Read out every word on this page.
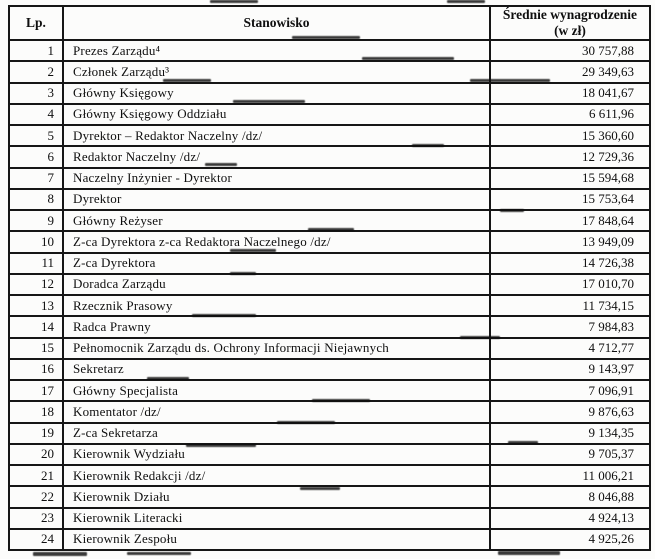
Lp.	Stanowisko	Średnie wynagrodzenie
(w zł)

1	Prezes Zarządu⁴	30 757,88
2	Członek Zarządu³	29 349,63
3	Główny Księgowy	18 041,67
4	Główny Księgowy Oddziału	6 611,96
5	Dyrektor – Redaktor Naczelny /dz/	15 360,60
6	Redaktor Naczelny /dz/	12 729,36
7	Naczelny Inżynier - Dyrektor	15 594,68
8	Dyrektor	15 753,64
9	Główny Reżyser	17 848,64
10	Z-ca Dyrektora z-ca Redaktora Naczelnego /dz/	13 949,09
11	Z-ca Dyrektora	14 726,38
12	Doradca Zarządu	17 010,70
13	Rzecznik Prasowy	11 734,15
14	Radca Prawny	7 984,83
15	Pełnomocnik Zarządu ds. Ochrony Informacji Niejawnych	4 712,77
16	Sekretarz	9 143,97
17	Główny Specjalista	7 096,91
18	Komentator /dz/	9 876,63
19	Z-ca Sekretarza	9 134,35
20	Kierownik Wydziału	9 705,37
21	Kierownik Redakcji /dz/	11 006,21
22	Kierownik Działu	8 046,88
23	Kierownik Literacki	4 924,13
24	Kierownik Zespołu	4 925,26
